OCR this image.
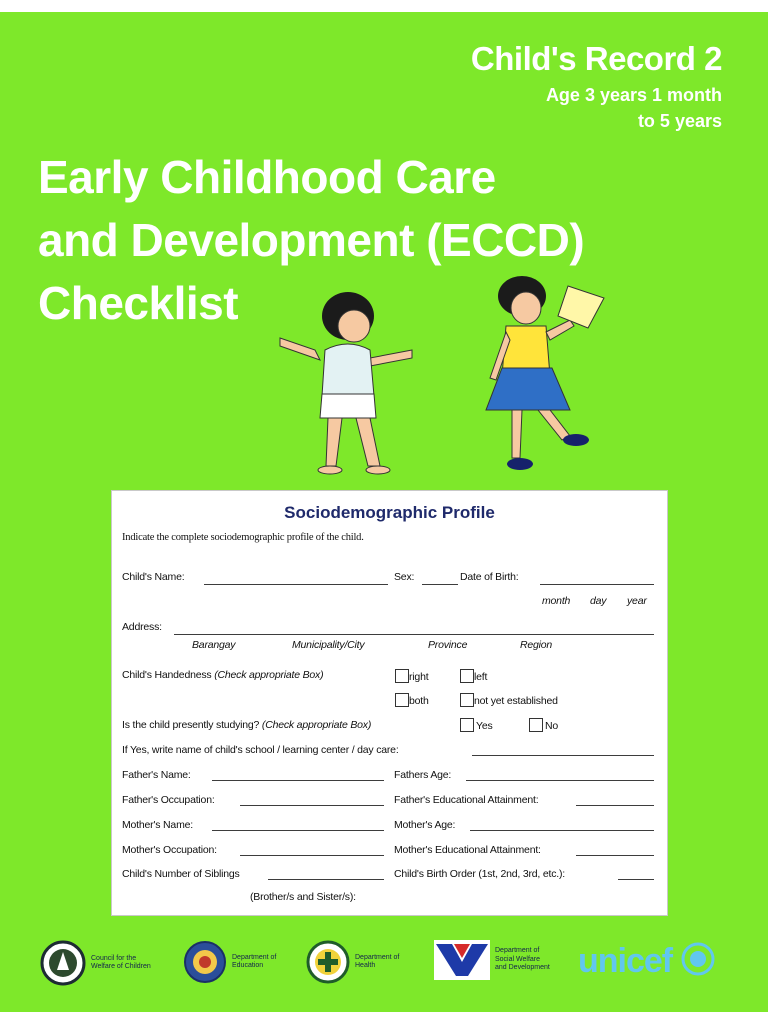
Child's Record 2
Age 3 years 1 month
to 5 years
Early Childhood Care
and Development (ECCD)
Checklist
Sociodemographic Profile
Indicate the complete sociodemographic profile of the child.
Child's Name:	Sex:	Date of Birth:
month day year
Address:
Barangay	Municipality/City	Province	Region
Child's Handedness (Check appropriate Box)	right	left
both	not yet established
Is the child presently studying? (Check appropriate Box)	Yes	No
If Yes, write name of child's school / learning center / day care:
Father's Name:	Fathers Age:
Father's Occupation:	Father's Educational Attainment:
Mother's Name:	Mother's Age:
Mother's Occupation:	Mother's Educational Attainment:
Child's Number of Siblings	Child's Birth Order (1st, 2nd, 3rd, etc.):
(Brother/s and Sister/s):
Council for the
Welfare of Children
Department of
Education
Department of
Health
Department of
Social Welfare
and Development unicef
